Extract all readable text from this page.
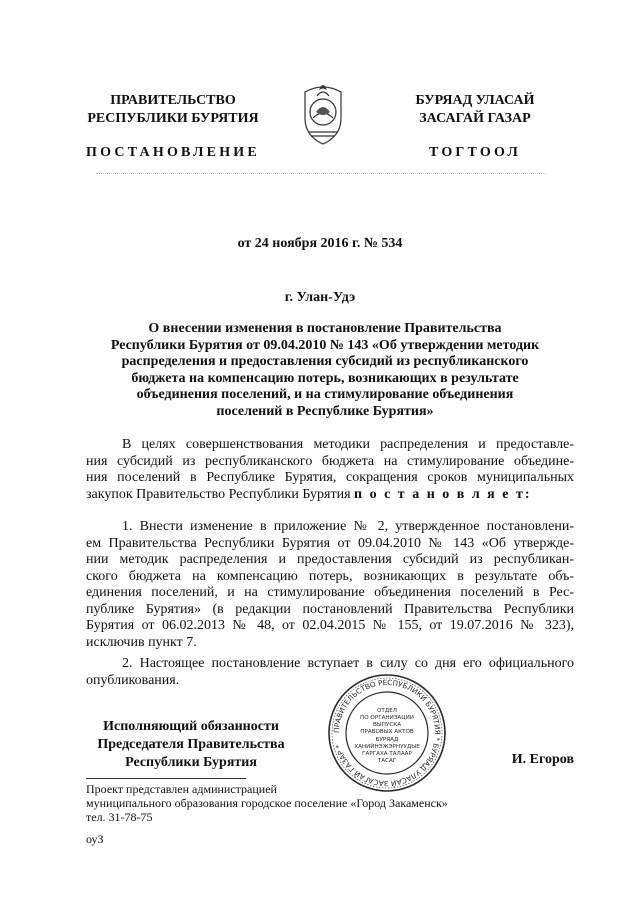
ПРАВИТЕЛЬСТВО
РЕСПУБЛИКИ БУРЯТИЯ
ПОСТАНОВЛЕНИЕ
БУРЯАД УЛАСАЙ
ЗАСАГАЙ ГАЗАР
ТОГТООЛ
от 24 ноября 2016 г. № 534
г. Улан-Удэ
О внесении изменения в постановление Правительства
Республики Бурятия от 09.04.2010 № 143 «Об утверждении методик
распределения и предоставления субсидий из республиканского
бюджета на компенсацию потерь, возникающих в результате
объединения поселений, и на стимулирование объединения
поселений в Республике Бурятия»
В целях совершенствования методики распределения и предоставле-
ния субсидий из республиканского бюджета на стимулирование объедине-
ния поселений в Республике Бурятия, сокращения сроков муниципальных
закупок Правительство Республики Бурятия п о с т а н о в л я е т:
1. Внести изменение в приложение № 2, утвержденное постановлени-
ем Правительства Республики Бурятия от 09.04.2010 № 143 «Об утвержде-
нии методик распределения и предоставления субсидий из республикан-
ского бюджета на компенсацию потерь, возникающих в результате объ-
единения поселений, и на стимулирование объединения поселений в Рес-
публике Бурятия» (в редакции постановлений Правительства Республики
Бурятия от 06.02.2013 № 48, от 02.04.2015 № 155, от 19.07.2016 № 323),
исключив пункт 7.
2. Настоящее постановление вступает в силу со дня его официального
опубликования.
Исполняющий обязанности
Председателя Правительства
Республики Бурятия
ПРАВИТЕЛЬСТВО РЕСПУБЛИКИ БУРЯТИЯ * БУРЯАД УЛАСАЙ ЗАСАГАЙ ГАЗАР *
ОТДЕЛ
ПО ОРГАНИЗАЦИИ
ВЫПУСКА
ПРАВОВЫХ АКТОВ
БУРЯАД
ХАНИЙНЭЖЭРНУУДЫЕ
ГАРГАХА ТАЛААР
ТАСАГ	И. Егоров
Проект представлен администрацией
муниципального образования городское поселение «Город Закаменск»
тел. 31-78-75
оуЗ
